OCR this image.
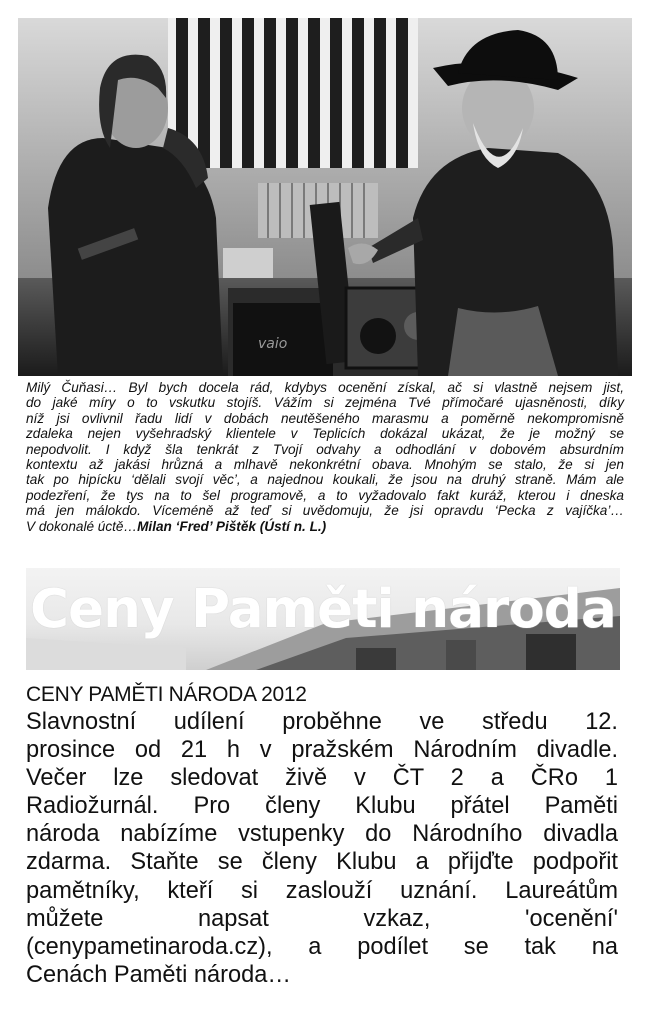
vaio
Milý Čuňasi… Byl bych docela rád, kdybys ocenění získal, ač si vlastně nejsem jist,
do jaké míry o to vskutku stojíš. Vážím si zejména Tvé přímočaré ujasněnosti, díky
níž jsi ovlivnil řadu lidí v dobách neutěšeného marasmu a poměrně nekompromisně
zdaleka nejen vyšehradský klientele v Teplicích dokázal ukázat, že je možný se
nepodvolit. I když šla tenkrát z Tvojí odvahy a odhodlání v dobovém absurdním
kontextu až jakási hrůzná a mlhavě nekonkrétní obava. Mnohým se stalo, že si jen
tak po hipícku ‘dělali svojí věc’, a najednou koukali, že jsou na druhý straně. Mám ale
podezření, že tys na to šel programově, a to vyžadovalo fakt kuráž, kterou i dneska
má jen málokdo. Víceméně až teď si uvědomuju, že jsi opravdu ‘Pecka z vajíčka’…
V dokonalé úctě…Milan ‘Fred’ Pištěk (Ústí n. L.)
Ceny Paměti národa
CENY PAMĚTI NÁRODA 2012
Slavnostní udílení proběhne ve středu 12.
prosince od 21 h v pražském Národním divadle.
Večer lze sledovat živě v ČT 2 a ČRo 1
Radiožurnál. Pro členy Klubu přátel Paměti
národa nabízíme vstupenky do Národního divadla
zdarma. Staňte se členy Klubu a přijďte podpořit
pamětníky, kteří si zaslouží uznání. Laureátům
můžete napsat vzkaz, 'ocenění'
(cenypametinaroda.cz), a podílet se tak na
Cenách Paměti národa…
